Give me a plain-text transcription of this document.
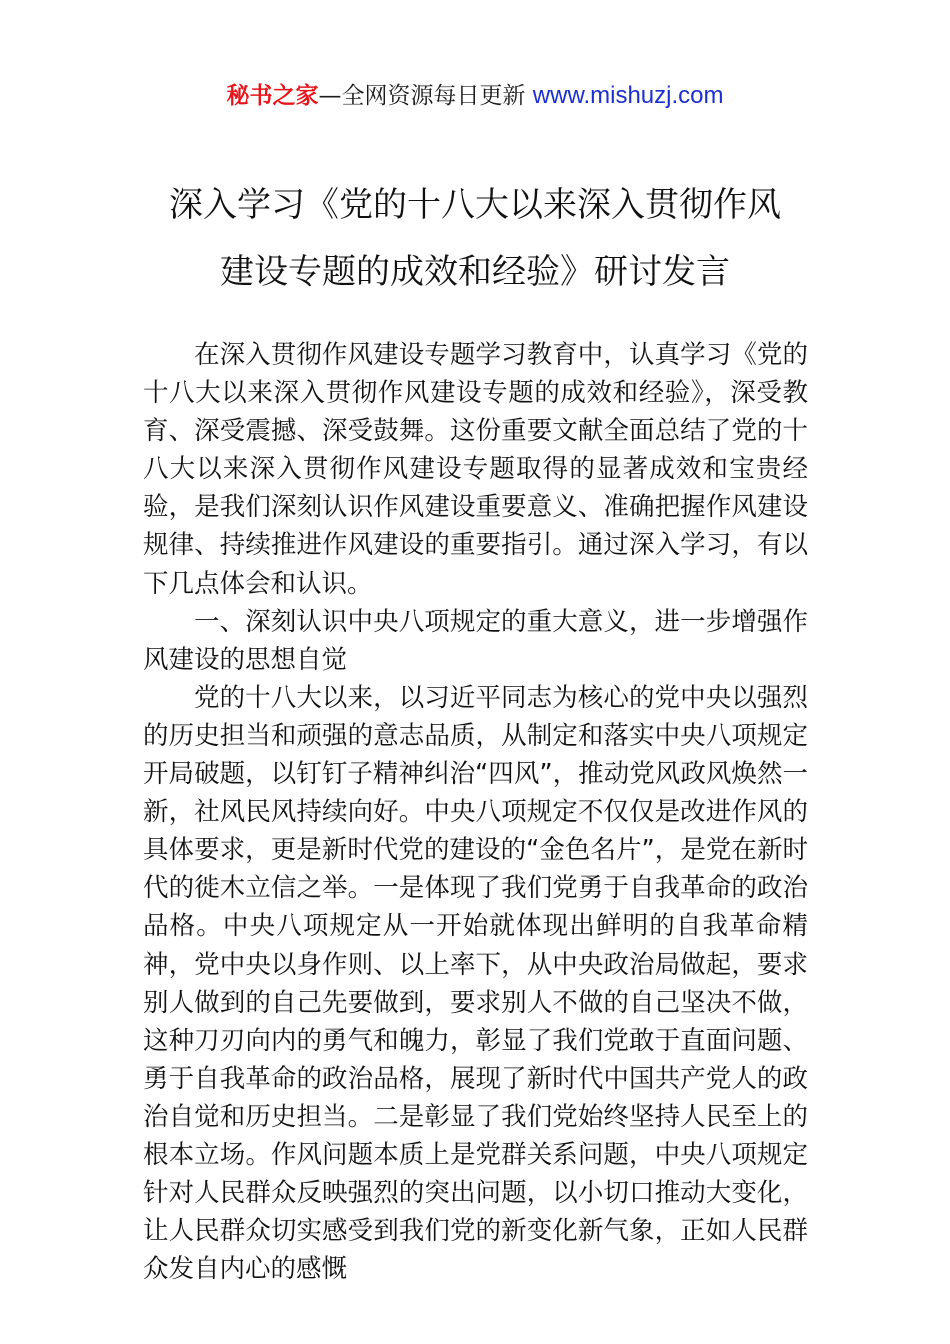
秘书之家—全网资源每日更新 www.mishuzj.com
深入学习《党的十八大以来深入贯彻作风
建设专题的成效和经验》研讨发言

在深入贯彻作风建设专题学习教育中，认真学习《党的十八大以来深入贯彻作风建设专题的成效和经验》，深受教育、深受震撼、深受鼓舞。这份重要文献全面总结了党的十八大以来深入贯彻作风建设专题取得的显著成效和宝贵经验，是我们深刻认识作风建设重要意义、准确把握作风建设规律、持续推进作风建设的重要指引。通过深入学习，有以下几点体会和认识。

一、深刻认识中央八项规定的重大意义，进一步增强作风建设的思想自觉

党的十八大以来，以习近平同志为核心的党中央以强烈的历史担当和顽强的意志品质，从制定和落实中央八项规定开局破题，以钉钉子精神纠治“四风”，推动党风政风焕然一新，社风民风持续向好。中央八项规定不仅仅是改进作风的具体要求，更是新时代党的建设的“金色名片”，是党在新时代的徙木立信之举。一是体现了我们党勇于自我革命的政治品格。中央八项规定从一开始就体现出鲜明的自我革命精神，党中央以身作则、以上率下，从中央政治局做起，要求别人做到的自己先要做到，要求别人不做的自己坚决不做，这种刀刃向内的勇气和魄力，彰显了我们党敢于直面问题、勇于自我革命的政治品格，展现了新时代中国共产党人的政治自觉和历史担当。二是彰显了我们党始终坚持人民至上的根本立场。作风问题本质上是党群关系问题，中央八项规定针对人民群众反映强烈的突出问题，以小切口推动大变化，让人民群众切实感受到我们党的新变化新气象，正如人民群众发自内心的感慨
